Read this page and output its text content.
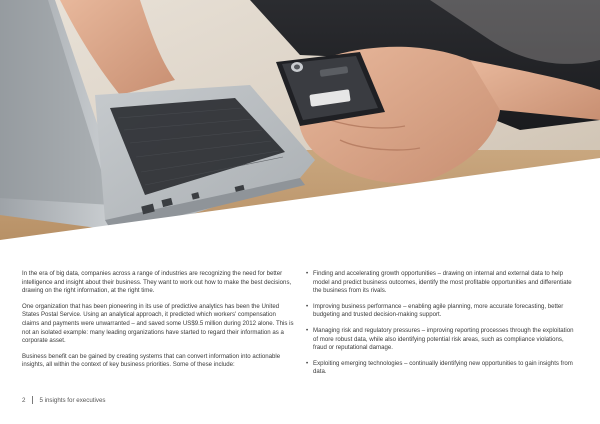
In the era of big data, companies across a range of industries are recognizing the need for better intelligence and insight about their business. They want to work out how to make the best decisions, drawing on the right information, at the right time.

One organization that has been pioneering in its use of predictive analytics has been the United States Postal Service. Using an analytical approach, it predicted which workers' compensation claims and payments were unwarranted – and saved some US$9.5 million during 2012 alone. This is not an isolated example: many leading organizations have started to regard their information as a corporate asset.

Business benefit can be gained by creating systems that can convert information into actionable insights, all within the context of key business priorities. Some of these include:

• Finding and accelerating growth opportunities – drawing on internal and external data to help model and predict business outcomes, identify the most profitable opportunities and differentiate the business from its rivals.
• Improving business performance – enabling agile planning, more accurate forecasting, better budgeting and trusted decision-making support.
• Managing risk and regulatory pressures – improving reporting processes through the exploitation of more robust data, while also identifying potential risk areas, such as compliance violations, fraud or reputational damage.
• Exploiting emerging technologies – continually identifying new opportunities to gain insights from data.
2 5 insights for executives
